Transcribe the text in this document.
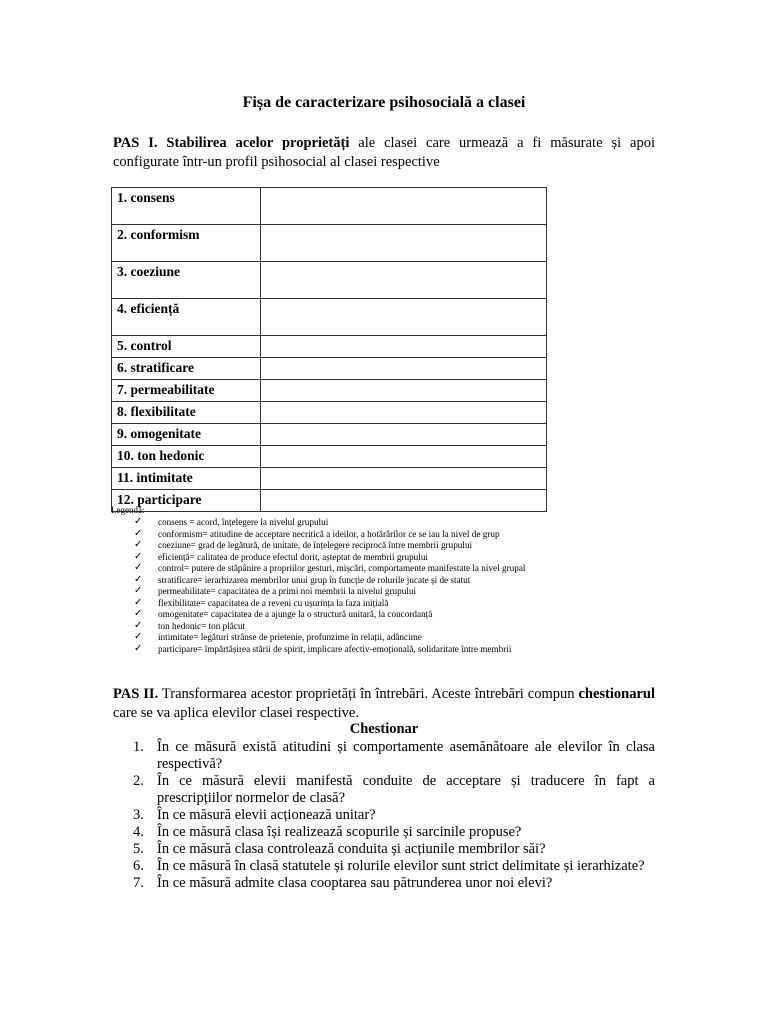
Fișa de caracterizare psihosocială a clasei
PAS I. Stabilirea acelor proprietăți ale clasei care urmează a fi măsurate și apoi configurate într-un profil psihosocial al clasei respective
1. consens	
2. conformism	
3. coeziune	
4. eficiență	
5. control	
6. stratificare	
7. permeabilitate	
8. flexibilitate	
9. omogenitate	
10. ton hedonic	
11. intimitate	
12. participare	
Legendă:
✓ consens = acord, înțelegere la nivelul grupului
✓ conformism= atitudine de acceptare necritică a ideilor, a hotărârilor ce se iau la nivel de grup
✓ coeziune= grad de legătură, de unitate, de înțelegere reciprocă între membrii grupului
✓ eficiență= calitatea de produce efectul dorit, așteptat de membrii grupului
✓ control= putere de stăpânire a propriilor gesturi, mișcări, comportamente manifestate la nivel grupal
✓ stratificare= ierarhizarea membrilor unui grup în funcție de rolurile jucate și de statut
✓ permeabilitate= capacitatea de a primi noi membrii la nivelul grupului
✓ flexibilitate= capacitatea de a reveni cu ușurința la faza inițială
✓ omogenitate= capacitatea de a ajunge la o structură unitară, la concordanță
✓ ton hedonic= ton plăcut
✓ intimitate= legături strânse de prietenie, profunzime în relații, adâncime
✓ participare= împărtășirea stării de spirit, implicare afectiv-emoțională, solidaritate între membrii
PAS II. Transformarea acestor proprietăți în întrebări. Aceste întrebări compun chestionarul care se va aplica elevilor clasei respective.
Chestionar
1. În ce măsură există atitudini și comportamente asemănătoare ale elevilor în clasa respectivă?
2. În ce măsură elevii manifestă conduite de acceptare și traducere în fapt a prescripțiilor normelor de clasă?
3. În ce măsură elevii acționează unitar?
4. În ce măsură clasa își realizează scopurile și sarcinile propuse?
5. În ce măsură clasa controlează conduita și acțiunile membrilor săi?
6. În ce măsură în clasă statutele și rolurile elevilor sunt strict delimitate și ierarhizate?
7. În ce măsură admite clasa cooptarea sau pătrunderea unor noi elevi?
